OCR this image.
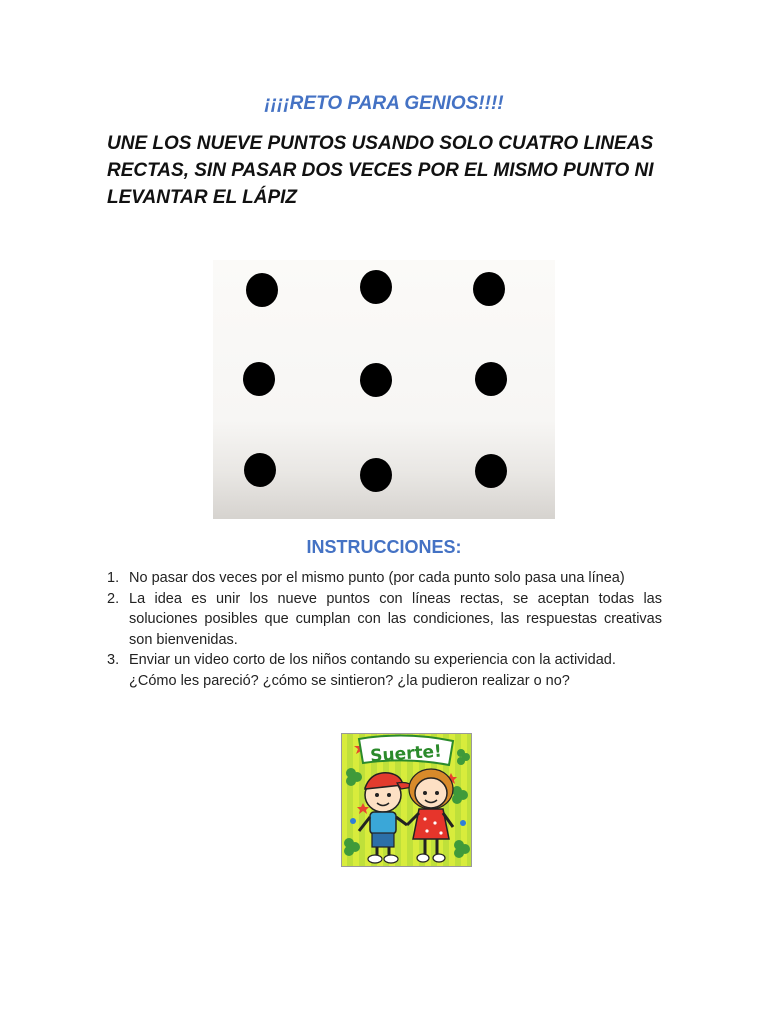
¡¡¡¡RETO PARA GENIOS!!!!

UNE LOS NUEVE PUNTOS USANDO SOLO CUATRO LINEAS RECTAS, SIN PASAR DOS VECES POR EL MISMO PUNTO NI LEVANTAR EL LÁPIZ

INSTRUCCIONES:
1. No pasar dos veces por el mismo punto (por cada punto solo pasa una línea)
2. La idea es unir los nueve puntos con líneas rectas, se aceptan todas las soluciones posibles que cumplan con las condiciones, las respuestas creativas son bienvenidas.
3. Enviar un video corto de los niños contando su experiencia con la actividad.
¿Cómo les pareció? ¿cómo se sintieron? ¿la pudieron realizar o no?
Suerte!
